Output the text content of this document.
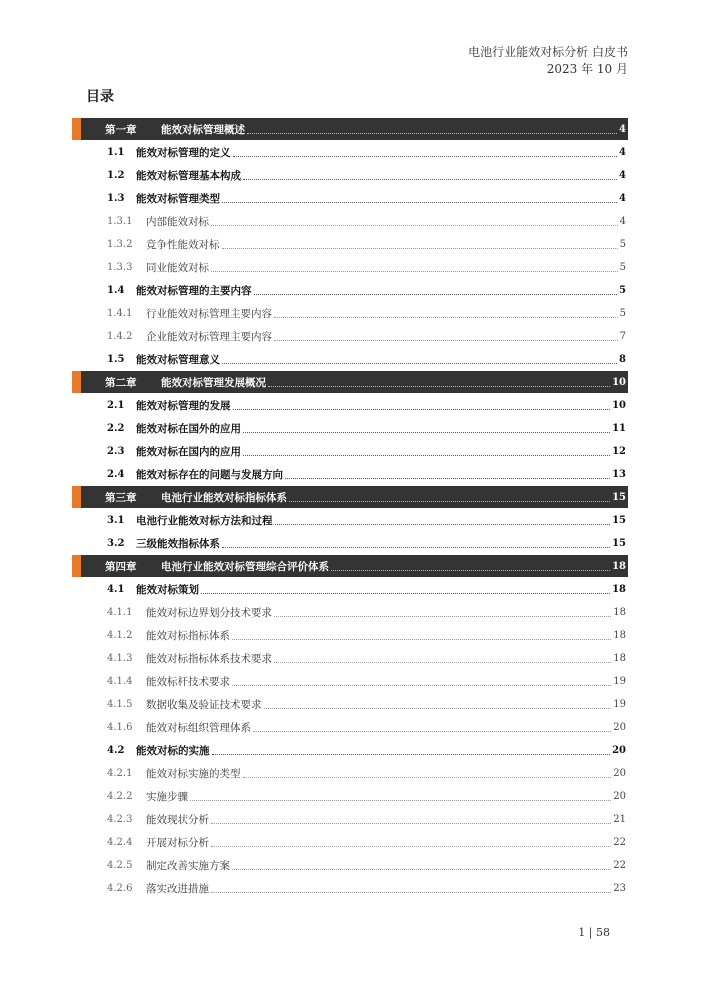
电池行业能效对标分析 白皮书
2023 年 10 月
目录
第一章	能效对标管理概述	4
1.1	能效对标管理的定义	4
1.2	能效对标管理基本构成	4
1.3	能效对标管理类型	4
1.3.1	内部能效对标	4
1.3.2	竞争性能效对标	5
1.3.3	同业能效对标	5
1.4	能效对标管理的主要内容	5
1.4.1	行业能效对标管理主要内容	5
1.4.2	企业能效对标管理主要内容	7
1.5	能效对标管理意义	8
第二章	能效对标管理发展概况	10
2.1	能效对标管理的发展	10
2.2	能效对标在国外的应用	11
2.3	能效对标在国内的应用	12
2.4	能效对标存在的问题与发展方向	13
第三章	电池行业能效对标指标体系	15
3.1	电池行业能效对标方法和过程	15
3.2	三级能效指标体系	15
第四章	电池行业能效对标管理综合评价体系	18
4.1	能效对标策划	18
4.1.1	能效对标边界划分技术要求	18
4.1.2	能效对标指标体系	18
4.1.3	能效对标指标体系技术要求	18
4.1.4	能效标杆技术要求	19
4.1.5	数据收集及验证技术要求	19
4.1.6	能效对标组织管理体系	20
4.2	能效对标的实施	20
4.2.1	能效对标实施的类型	20
4.2.2	实施步骤	20
4.2.3	能效现状分析	21
4.2.4	开展对标分析	22
4.2.5	制定改善实施方案	22
4.2.6	落实改进措施	23
1 | 58
